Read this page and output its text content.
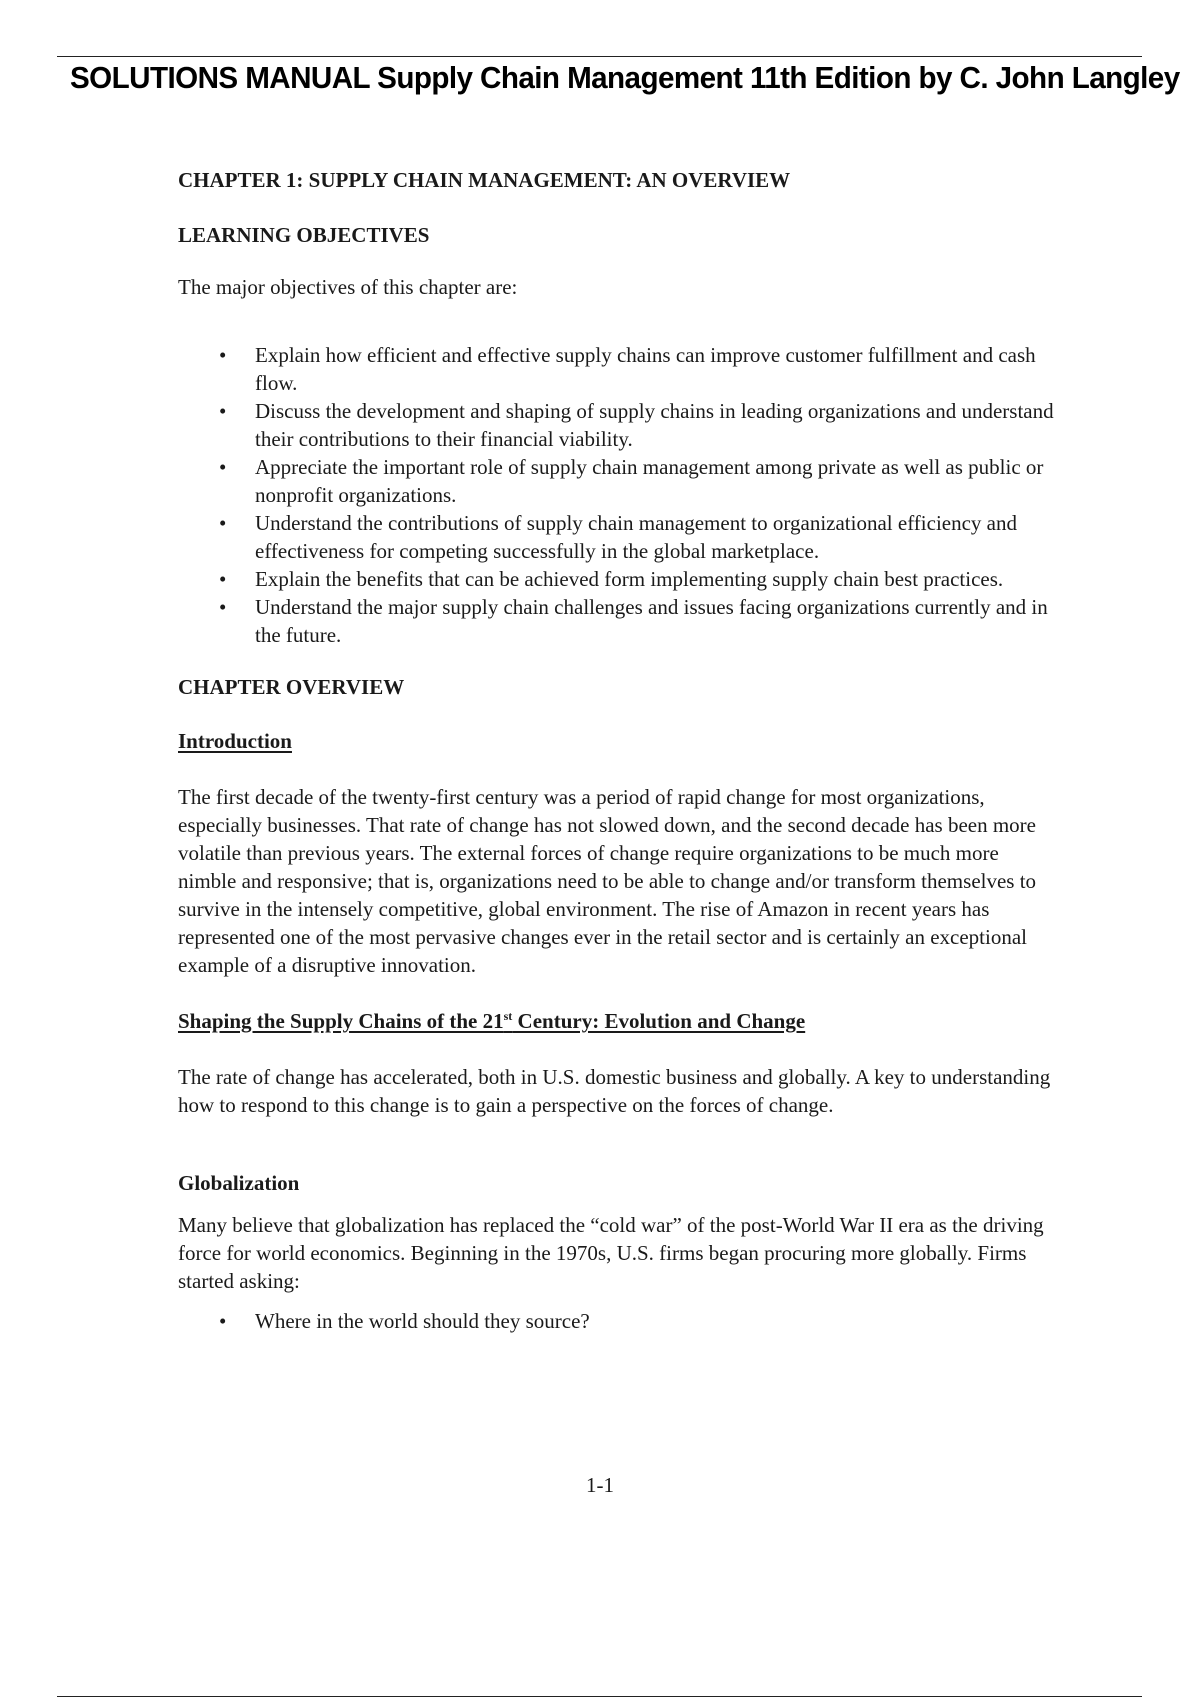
SOLUTIONS MANUAL Supply Chain Management 11th Edition by C. John Langley

CHAPTER 1: SUPPLY CHAIN MANAGEMENT: AN OVERVIEW

LEARNING OBJECTIVES

The major objectives of this chapter are:

• Explain how efficient and effective supply chains can improve customer fulfillment and cash flow.
• Discuss the development and shaping of supply chains in leading organizations and understand their contributions to their financial viability.
• Appreciate the important role of supply chain management among private as well as public or nonprofit organizations.
• Understand the contributions of supply chain management to organizational efficiency and effectiveness for competing successfully in the global marketplace.
• Explain the benefits that can be achieved form implementing supply chain best practices.
• Understand the major supply chain challenges and issues facing organizations currently and in the future.

CHAPTER OVERVIEW

Introduction

The first decade of the twenty-first century was a period of rapid change for most organizations, especially businesses. That rate of change has not slowed down, and the second decade has been more volatile than previous years. The external forces of change require organizations to be much more nimble and responsive; that is, organizations need to be able to change and/or transform themselves to survive in the intensely competitive, global environment. The rise of Amazon in recent years has represented one of the most pervasive changes ever in the retail sector and is certainly an exceptional example of a disruptive innovation.

Shaping the Supply Chains of the 21st Century: Evolution and Change

The rate of change has accelerated, both in U.S. domestic business and globally. A key to understanding how to respond to this change is to gain a perspective on the forces of change.

Globalization

Many believe that globalization has replaced the “cold war” of the post-World War II era as the driving force for world economics. Beginning in the 1970s, U.S. firms began procuring more globally. Firms started asking:

• Where in the world should they source?
1-1
